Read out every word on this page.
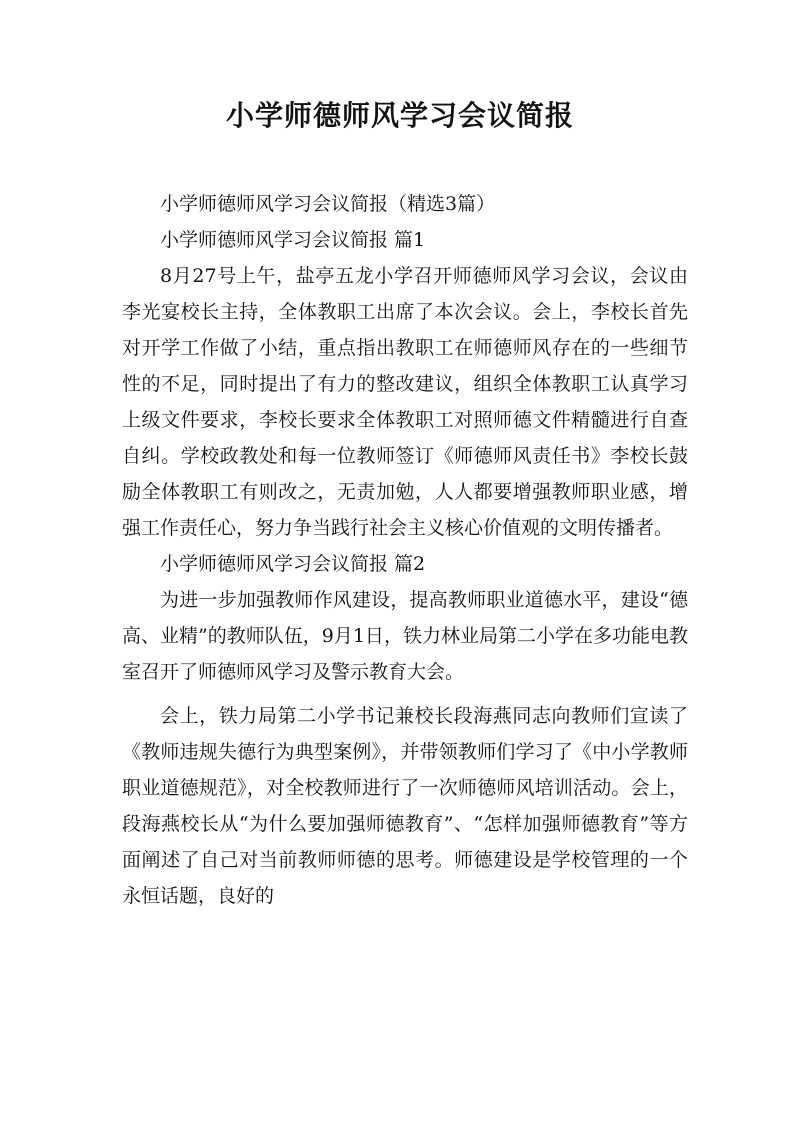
小学师德师风学习会议简报

小学师德师风学习会议简报（精选3篇）

小学师德师风学习会议简报 篇1

8月27号上午，盐亭五龙小学召开师德师风学习会议，会议由李光宴校长主持，全体教职工出席了本次会议。会上，李校长首先对开学工作做了小结，重点指出教职工在师德师风存在的一些细节性的不足，同时提出了有力的整改建议，组织全体教职工认真学习上级文件要求，李校长要求全体教职工对照师德文件精髓进行自查自纠。学校政教处和每一位教师签订《师德师风责任书》李校长鼓励全体教职工有则改之，无责加勉，人人都要增强教师职业感，增强工作责任心，努力争当践行社会主义核心价值观的文明传播者。

小学师德师风学习会议简报 篇2

为进一步加强教师作风建设，提高教师职业道德水平，建设“德高、业精”的教师队伍，9月1日，铁力林业局第二小学在多功能电教室召开了师德师风学习及警示教育大会。

会上，铁力局第二小学书记兼校长段海燕同志向教师们宣读了《教师违规失德行为典型案例》，并带领教师们学习了《中小学教师职业道德规范》，对全校教师进行了一次师德师风培训活动。会上，段海燕校长从“为什么要加强师德教育”、“怎样加强师德教育”等方面阐述了自己对当前教师师德的思考。师德建设是学校管理的一个永恒话题，良好的
